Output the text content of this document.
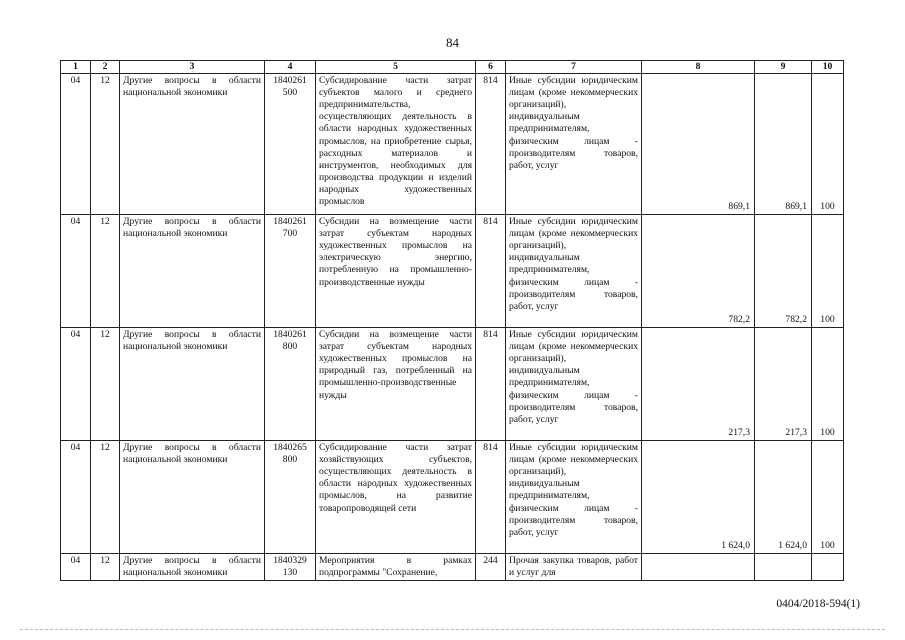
84
1	2	3	4	5	6	7	8	9	10
04	12	Другие вопросы в области национальной экономики	1840261 500	Субсидирование части затрат субъектов малого и среднего предпринимательства, осуществляющих деятельность в области народных художественных промыслов, на приобретение сырья, расходных материалов и инструментов, необходимых для производства продукции и изделий народных художественных промыслов	814	Иные субсидии юридическим лицам (кроме некоммерческих организаций), индивидуальным предпринимателям, физическим лицам - производителям товаров, работ, услуг	869,1	869,1	100
04	12	Другие вопросы в области национальной экономики	1840261 700	Субсидии на возмещение части затрат субъектам народных художественных промыслов на электрическую энергию, потребленную на промышленно-производственные нужды	814	Иные субсидии юридическим лицам (кроме некоммерческих организаций), индивидуальным предпринимателям, физическим лицам - производителям товаров, работ, услуг	782,2	782,2	100
04	12	Другие вопросы в области национальной экономики	1840261 800	Субсидии на возмещение части затрат субъектам народных художественных промыслов на природный газ, потребленный на промышленно-производственные нужды	814	Иные субсидии юридическим лицам (кроме некоммерческих организаций), индивидуальным предпринимателям, физическим лицам - производителям товаров, работ, услуг	217,3	217,3	100
04	12	Другие вопросы в области национальной экономики	1840265 800	Субсидирование части затрат хозяйствующих субъектов, осуществляющих деятельность в области народных художественных промыслов, на развитие товаропроводящей сети	814	Иные субсидии юридическим лицам (кроме некоммерческих организаций), индивидуальным предпринимателям, физическим лицам - производителям товаров, работ, услуг	1 624,0	1 624,0	100
04	12	Другие вопросы в области национальной экономики	1840329 130	Мероприятия в рамках подпрограммы "Сохранение,	244	Прочая закупка товаров, работ и услуг для			
0404/2018-594(1)
